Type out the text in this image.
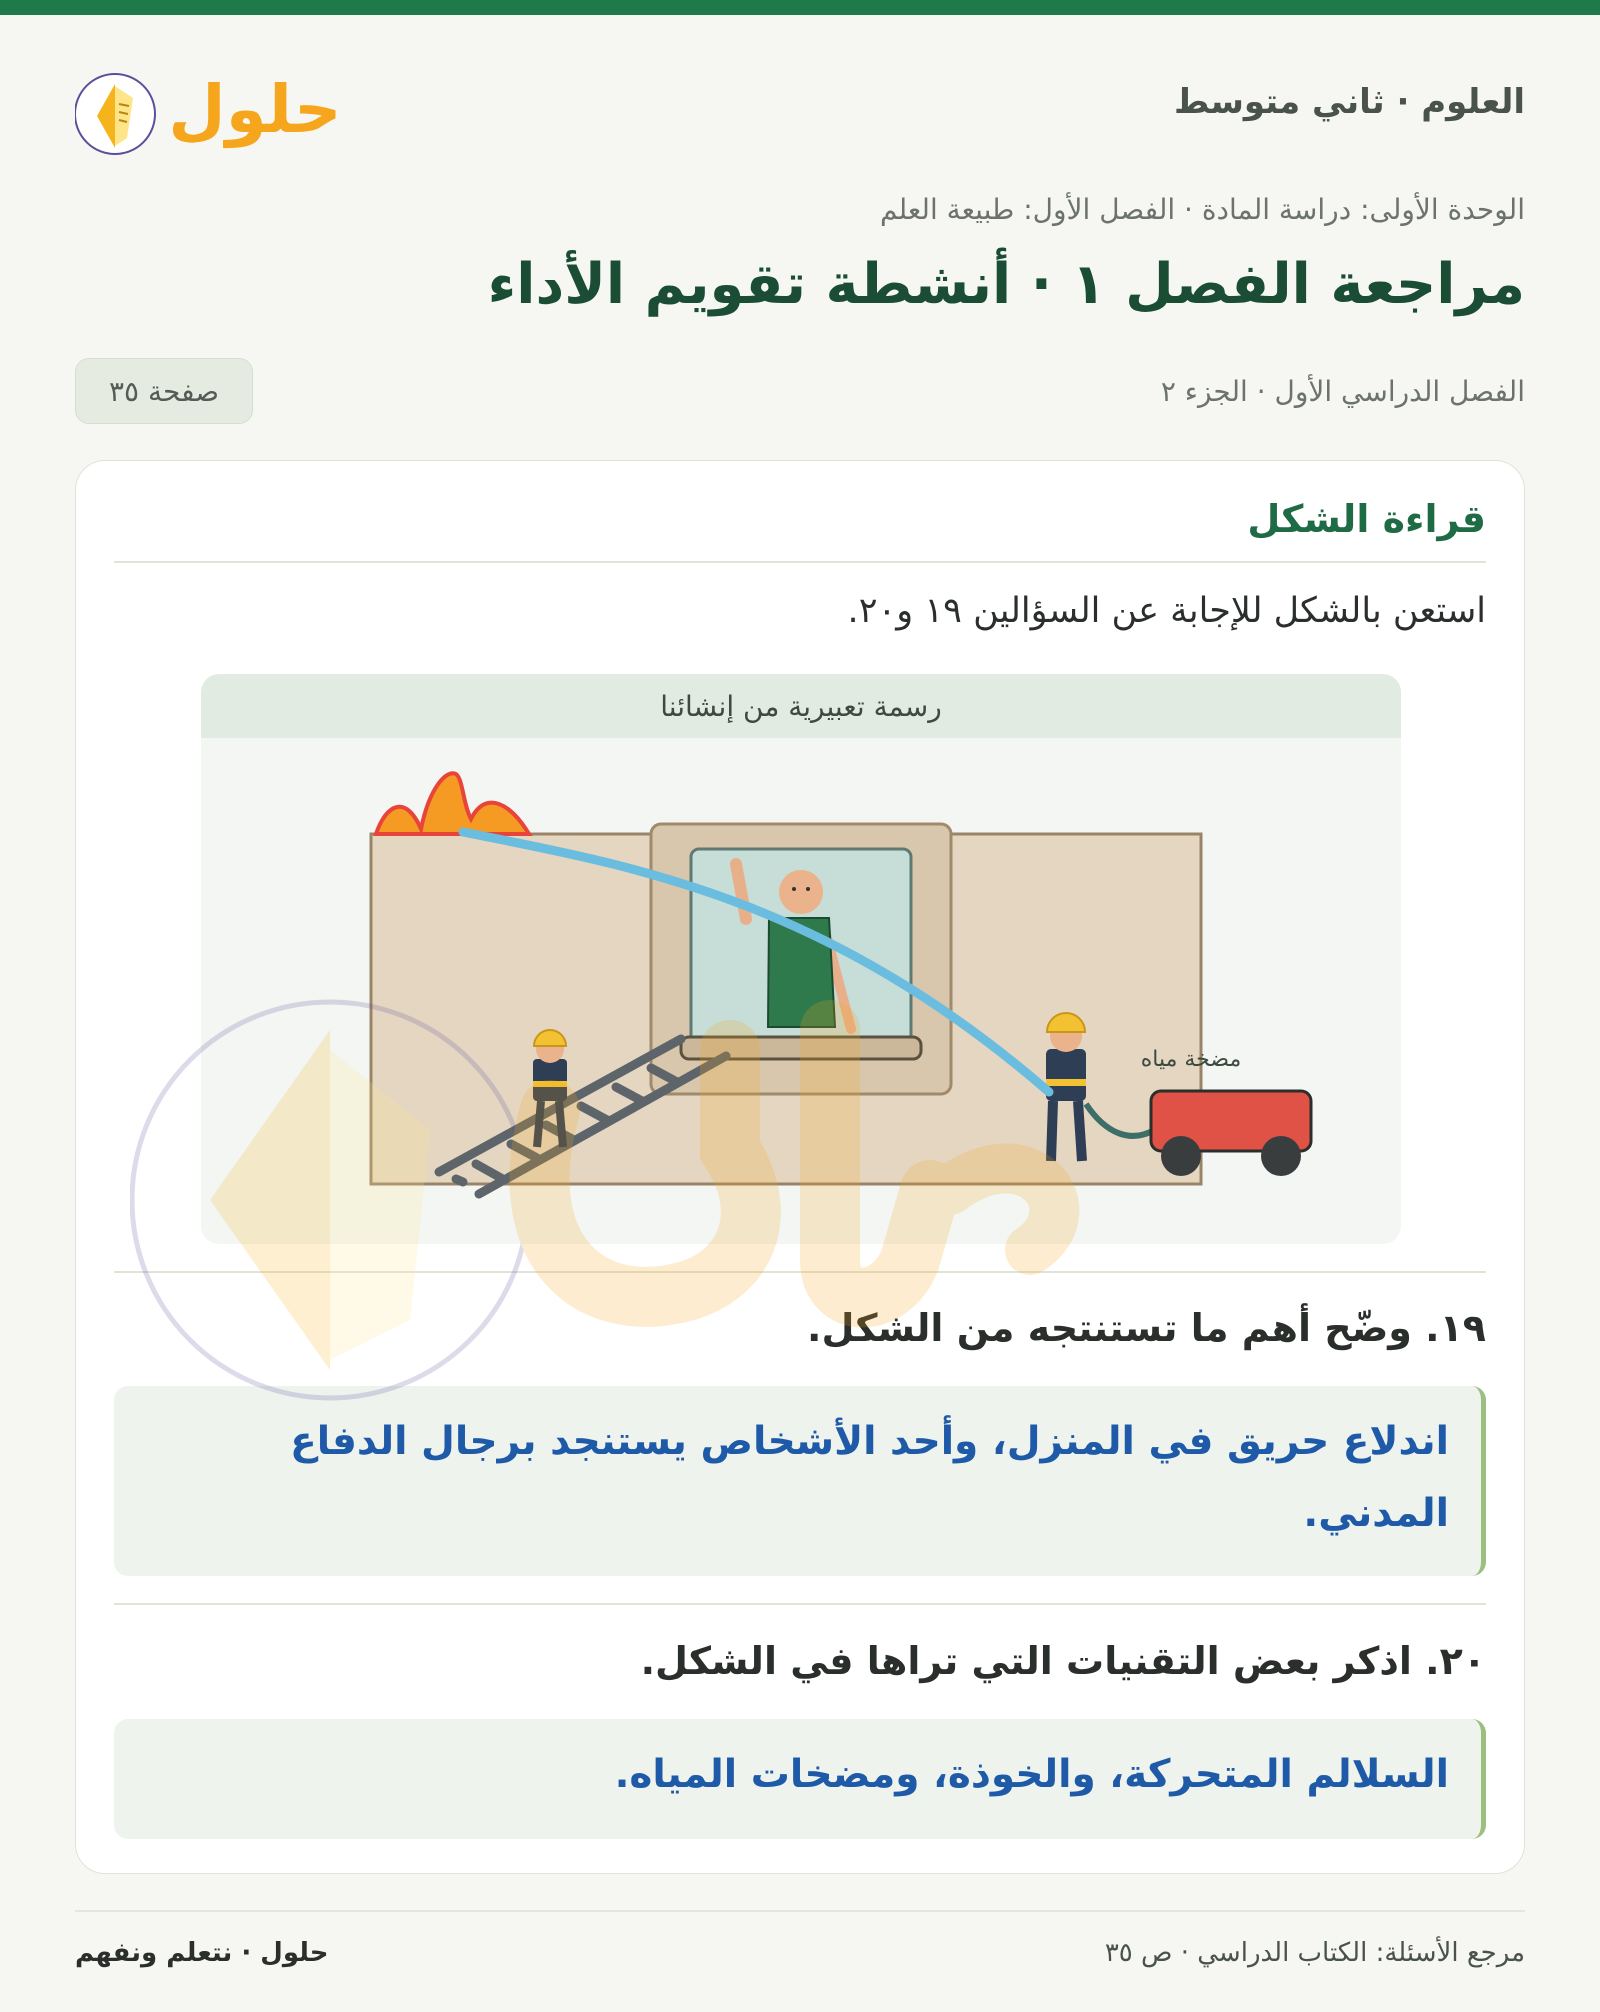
العلوم · ثاني متوسط
حلول
الوحدة الأولى: دراسة المادة · الفصل الأول: طبيعة العلم
مراجعة الفصل ١ · أنشطة تقويم الأداء
الفصل الدراسي الأول · الجزء ٢
صفحة ٣٥
قراءة الشكل
استعن بالشكل للإجابة عن السؤالين ١٩ و٢٠.
رسمة تعبيرية من إنشائنا
مضخة مياه
١٩. وضّح أهم ما تستنتجه من الشكل.
اندلاع حريق في المنزل، وأحد الأشخاص يستنجد برجال الدفاع المدني.
٢٠. اذكر بعض التقنيات التي تراها في الشكل.
السلالم المتحركة، والخوذة، ومضخات المياه.
حلول · نتعلم ونفهم	مرجع الأسئلة: الكتاب الدراسي · ص ٣٥
